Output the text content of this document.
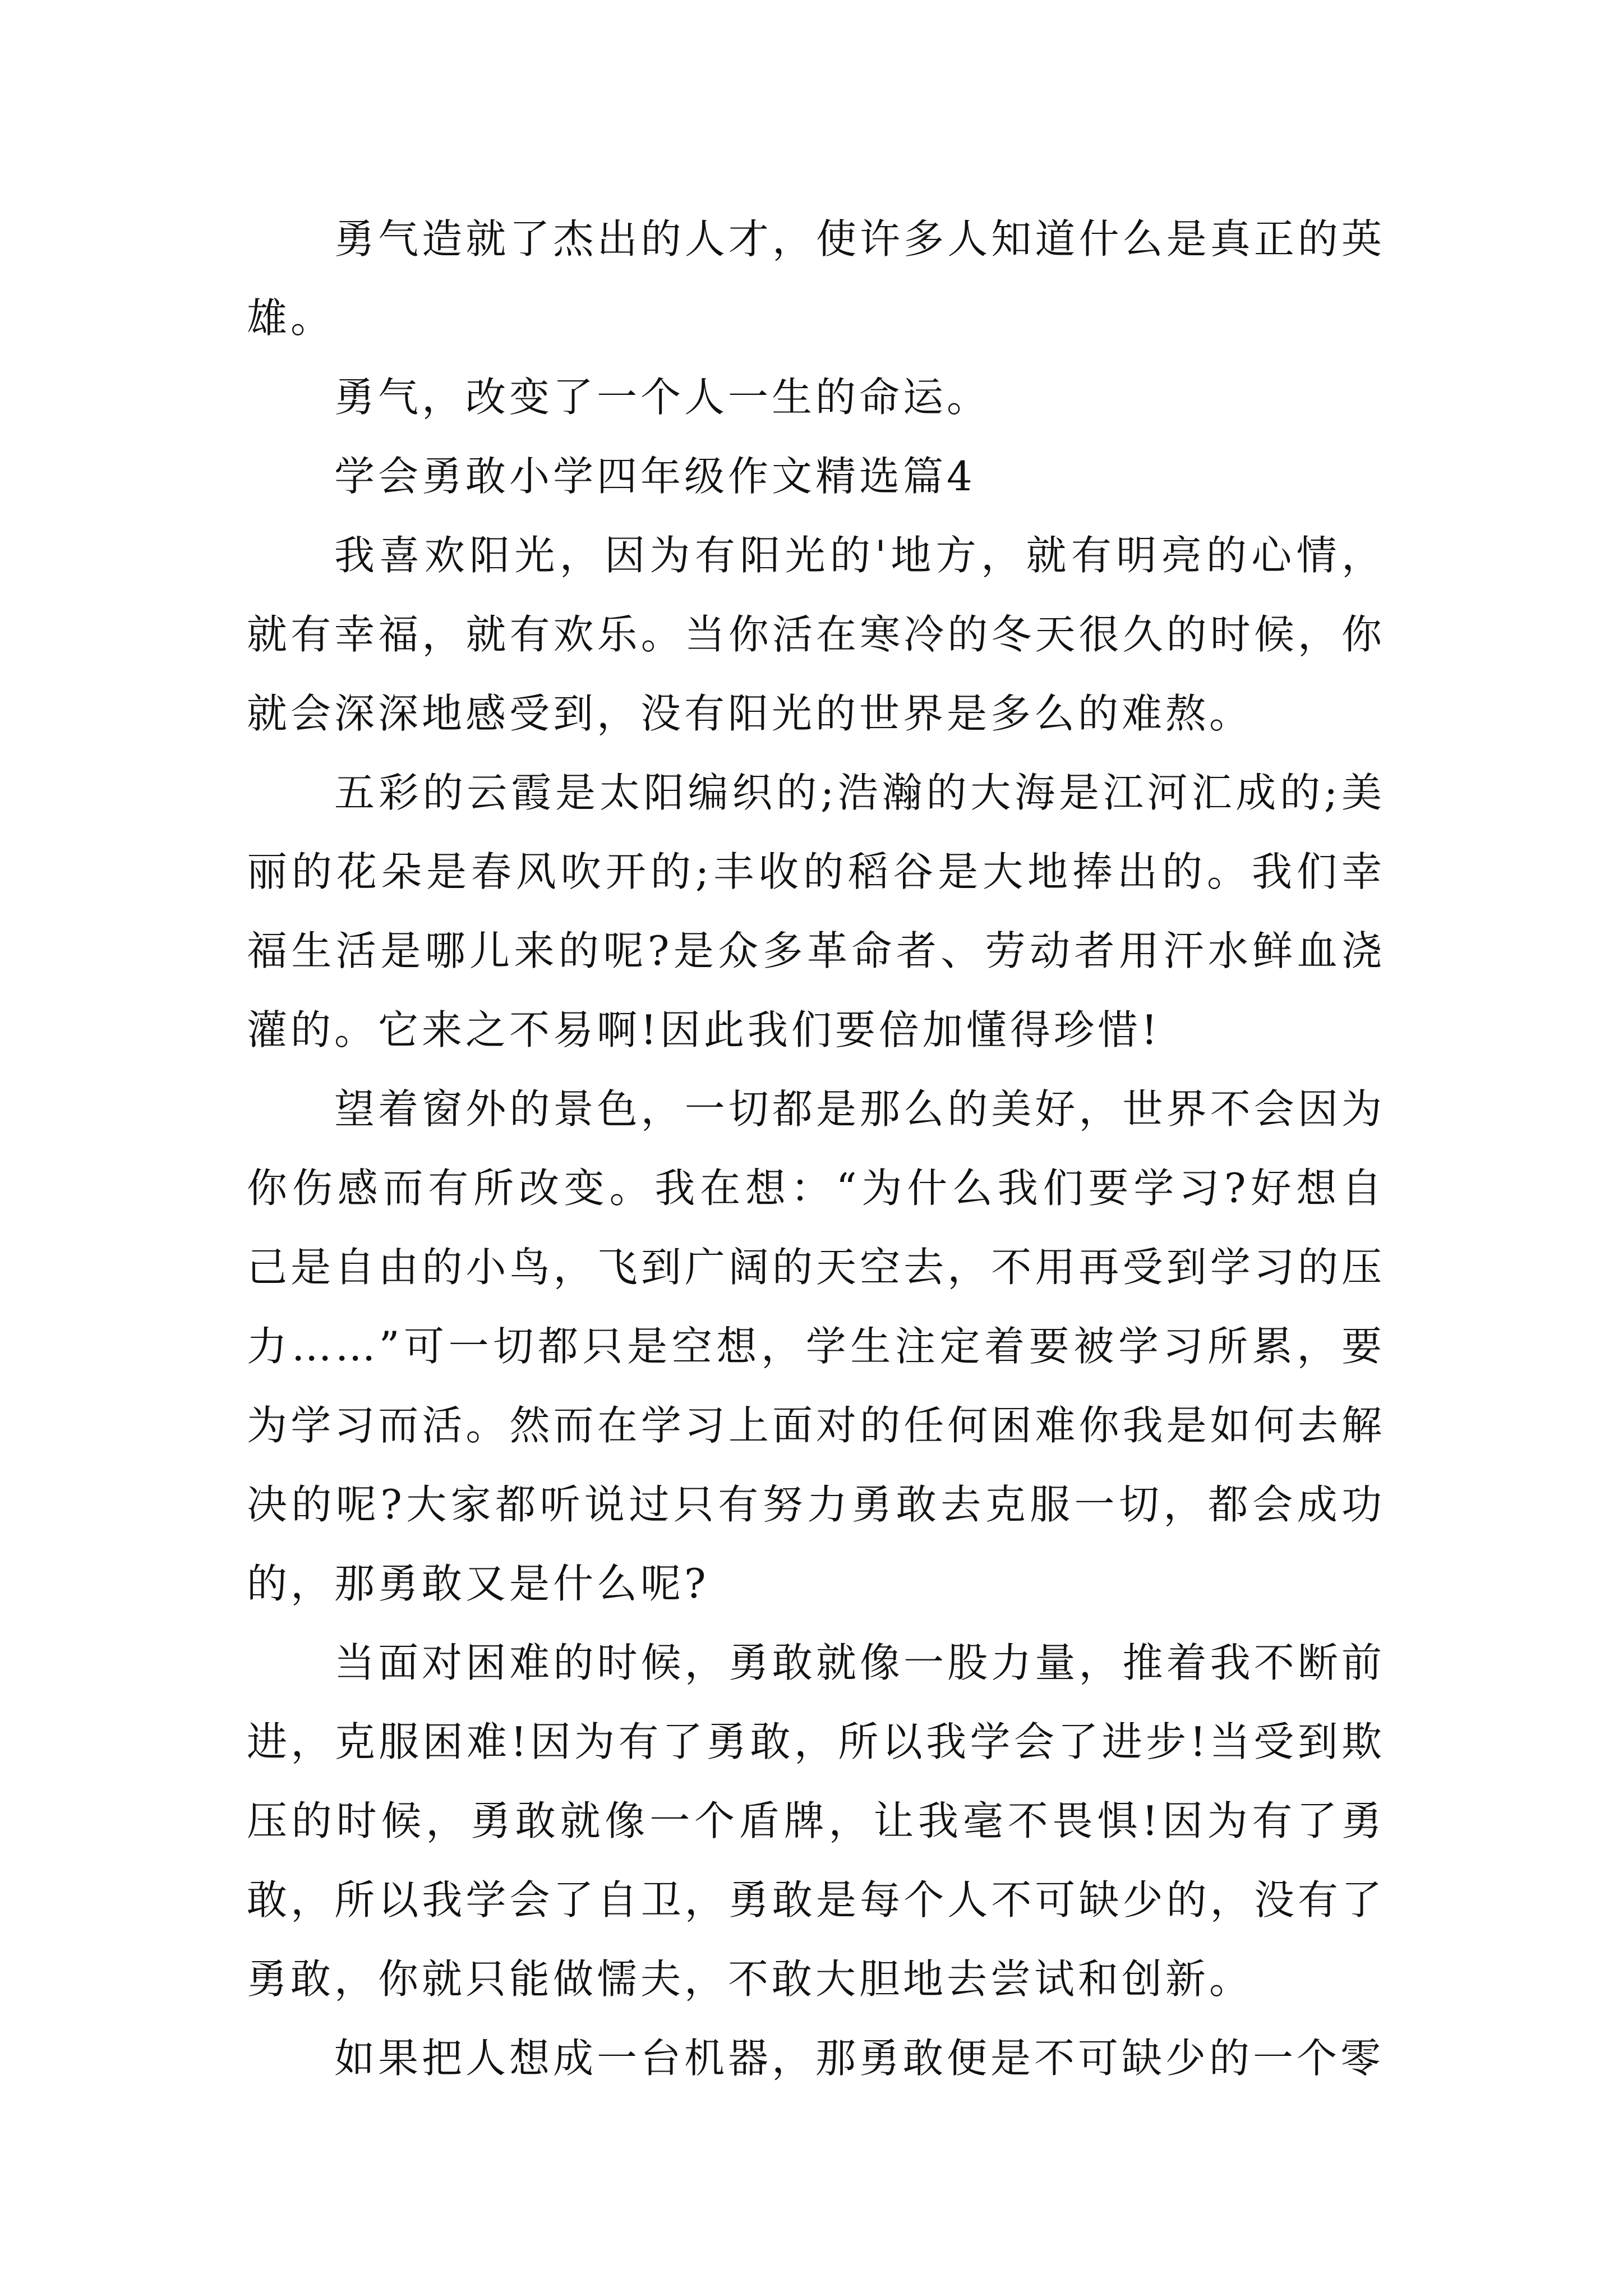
勇气造就了杰出的人才，使许多人知道什么是真正的英雄。

勇气，改变了一个人一生的命运。

学会勇敢小学四年级作文精选篇4

我喜欢阳光，因为有阳光的'地方，就有明亮的心情，就有幸福，就有欢乐。当你活在寒冷的冬天很久的时候，你就会深深地感受到，没有阳光的世界是多么的难熬。

五彩的云霞是太阳编织的;浩瀚的大海是江河汇成的;美丽的花朵是春风吹开的;丰收的稻谷是大地捧出的。我们幸福生活是哪儿来的呢?是众多革命者、劳动者用汗水鲜血浇灌的。它来之不易啊!因此我们要倍加懂得珍惜!

望着窗外的景色，一切都是那么的美好，世界不会因为你伤感而有所改变。我在想：“为什么我们要学习?好想自己是自由的小鸟，飞到广阔的天空去，不用再受到学习的压力……”可一切都只是空想，学生注定着要被学习所累，要为学习而活。然而在学习上面对的任何困难你我是如何去解决的呢?大家都听说过只有努力勇敢去克服一切，都会成功的，那勇敢又是什么呢?

当面对困难的时候，勇敢就像一股力量，推着我不断前进，克服困难!因为有了勇敢，所以我学会了进步!当受到欺压的时候，勇敢就像一个盾牌，让我毫不畏惧!因为有了勇敢，所以我学会了自卫，勇敢是每个人不可缺少的，没有了勇敢，你就只能做懦夫，不敢大胆地去尝试和创新。

如果把人想成一台机器，那勇敢便是不可缺少的一个零
